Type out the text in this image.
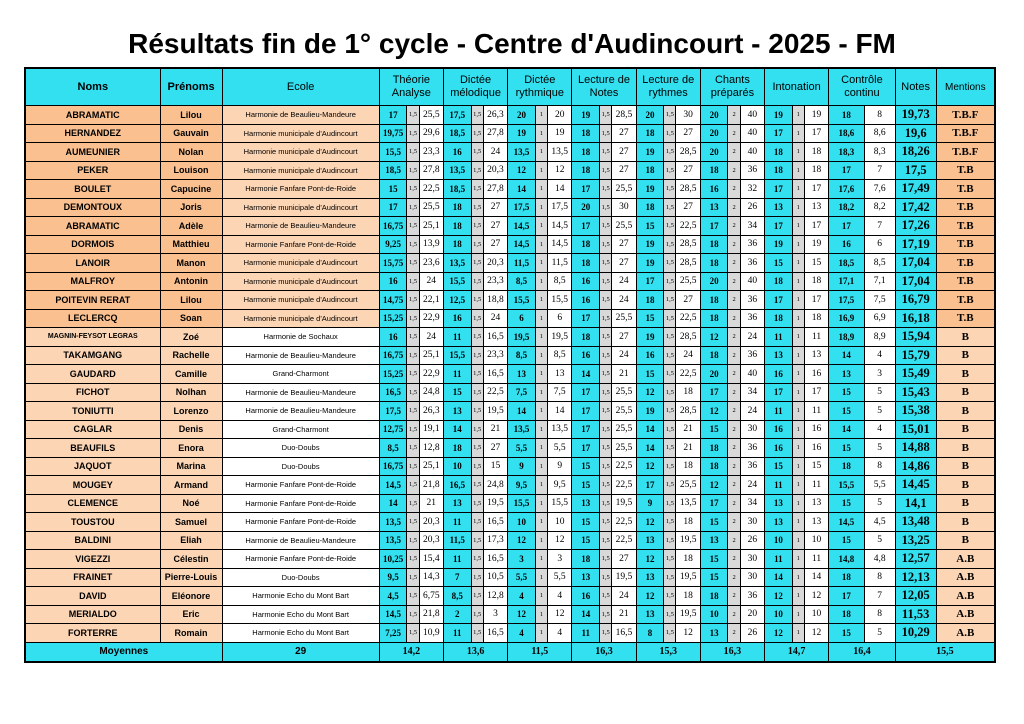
Résultats fin de 1° cycle - Centre d'Audincourt - 2025 - FM
Noms	Prénoms	Ecole	Théorie Analyse			Dictée mélodique			Dictée rythmique			Lecture de Notes			Lecture de rythmes			Chants préparés			Intonation			Contrôle continu		Notes	Mentions
ABRAMATIC	Lilou	Harmonie de Beaulieu-Mandeure	17	1,5	25,5	17,5	1,5	26,3	20	1	20	19	1,5	28,5	20	1,5	30	20	2	40	19	1	19	18	8	19,73	T.B.F
HERNANDEZ	Gauvain	Harmonie municipale d'Audincourt	19,75	1,5	29,6	18,5	1,5	27,8	19	1	19	18	1,5	27	18	1,5	27	20	2	40	17	1	17	18,6	8,6	19,6	T.B.F
AUMEUNIER	Nolan	Harmonie municipale d'Audincourt	15,5	1,5	23,3	16	1,5	24	13,5	1	13,5	18	1,5	27	19	1,5	28,5	20	2	40	18	1	18	18,3	8,3	18,26	T.B.F
PEKER	Louison	Harmonie municipale d'Audincourt	18,5	1,5	27,8	13,5	1,5	20,3	12	1	12	18	1,5	27	18	1,5	27	18	2	36	18	1	18	17	7	17,5	T.B
BOULET	Capucine	Harmonie Fanfare Pont-de-Roide	15	1,5	22,5	18,5	1,5	27,8	14	1	14	17	1,5	25,5	19	1,5	28,5	16	2	32	17	1	17	17,6	7,6	17,49	T.B
DEMONTOUX	Joris	Harmonie municipale d'Audincourt	17	1,5	25,5	18	1,5	27	17,5	1	17,5	20	1,5	30	18	1,5	27	13	2	26	13	1	13	18,2	8,2	17,42	T.B
ABRAMATIC	Adèle	Harmonie de Beaulieu-Mandeure	16,75	1,5	25,1	18	1,5	27	14,5	1	14,5	17	1,5	25,5	15	1,5	22,5	17	2	34	17	1	17	17	7	17,26	T.B
DORMOIS	Matthieu	Harmonie Fanfare Pont-de-Roide	9,25	1,5	13,9	18	1,5	27	14,5	1	14,5	18	1,5	27	19	1,5	28,5	18	2	36	19	1	19	16	6	17,19	T.B
LANOIR	Manon	Harmonie municipale d'Audincourt	15,75	1,5	23,6	13,5	1,5	20,3	11,5	1	11,5	18	1,5	27	19	1,5	28,5	18	2	36	15	1	15	18,5	8,5	17,04	T.B
MALFROY	Antonin	Harmonie municipale d'Audincourt	16	1,5	24	15,5	1,5	23,3	8,5	1	8,5	16	1,5	24	17	1,5	25,5	20	2	40	18	1	18	17,1	7,1	17,04	T.B
POITEVIN RERAT	Lilou	Harmonie municipale d'Audincourt	14,75	1,5	22,1	12,5	1,5	18,8	15,5	1	15,5	16	1,5	24	18	1,5	27	18	2	36	17	1	17	17,5	7,5	16,79	T.B
LECLERCQ	Soan	Harmonie municipale d'Audincourt	15,25	1,5	22,9	16	1,5	24	6	1	6	17	1,5	25,5	15	1,5	22,5	18	2	36	18	1	18	16,9	6,9	16,18	T.B
MAGNIN-FEYSOT LEGRAS	Zoé	Harmonie de Sochaux	16	1,5	24	11	1,5	16,5	19,5	1	19,5	18	1,5	27	19	1,5	28,5	12	2	24	11	1	11	18,9	8,9	15,94	B
TAKAMGANG	Rachelle	Harmonie de Beaulieu-Mandeure	16,75	1,5	25,1	15,5	1,5	23,3	8,5	1	8,5	16	1,5	24	16	1,5	24	18	2	36	13	1	13	14	4	15,79	B
GAUDARD	Camille	Grand-Charmont	15,25	1,5	22,9	11	1,5	16,5	13	1	13	14	1,5	21	15	1,5	22,5	20	2	40	16	1	16	13	3	15,49	B
FICHOT	Nolhan	Harmonie de Beaulieu-Mandeure	16,5	1,5	24,8	15	1,5	22,5	7,5	1	7,5	17	1,5	25,5	12	1,5	18	17	2	34	17	1	17	15	5	15,43	B
TONIUTTI	Lorenzo	Harmonie de Beaulieu-Mandeure	17,5	1,5	26,3	13	1,5	19,5	14	1	14	17	1,5	25,5	19	1,5	28,5	12	2	24	11	1	11	15	5	15,38	B
CAGLAR	Denis	Grand-Charmont	12,75	1,5	19,1	14	1,5	21	13,5	1	13,5	17	1,5	25,5	14	1,5	21	15	2	30	16	1	16	14	4	15,01	B
BEAUFILS	Enora	Duo-Doubs	8,5	1,5	12,8	18	1,5	27	5,5	1	5,5	17	1,5	25,5	14	1,5	21	18	2	36	16	1	16	15	5	14,88	B
JAQUOT	Marina	Duo-Doubs	16,75	1,5	25,1	10	1,5	15	9	1	9	15	1,5	22,5	12	1,5	18	18	2	36	15	1	15	18	8	14,86	B
MOUGEY	Armand	Harmonie Fanfare Pont-de-Roide	14,5	1,5	21,8	16,5	1,5	24,8	9,5	1	9,5	15	1,5	22,5	17	1,5	25,5	12	2	24	11	1	11	15,5	5,5	14,45	B
CLEMENCE	Noé	Harmonie Fanfare Pont-de-Roide	14	1,5	21	13	1,5	19,5	15,5	1	15,5	13	1,5	19,5	9	1,5	13,5	17	2	34	13	1	13	15	5	14,1	B
TOUSTOU	Samuel	Harmonie Fanfare Pont-de-Roide	13,5	1,5	20,3	11	1,5	16,5	10	1	10	15	1,5	22,5	12	1,5	18	15	2	30	13	1	13	14,5	4,5	13,48	B
BALDINI	Eliah	Harmonie de Beaulieu-Mandeure	13,5	1,5	20,3	11,5	1,5	17,3	12	1	12	15	1,5	22,5	13	1,5	19,5	13	2	26	10	1	10	15	5	13,25	B
VIGEZZI	Célestin	Harmonie Fanfare Pont-de-Roide	10,25	1,5	15,4	11	1,5	16,5	3	1	3	18	1,5	27	12	1,5	18	15	2	30	11	1	11	14,8	4,8	12,57	A.B
FRAINET	Pierre-Louis	Duo-Doubs	9,5	1,5	14,3	7	1,5	10,5	5,5	1	5,5	13	1,5	19,5	13	1,5	19,5	15	2	30	14	1	14	18	8	12,13	A.B
DAVID	Eléonore	Harmonie Echo du Mont Bart	4,5	1,5	6,75	8,5	1,5	12,8	4	1	4	16	1,5	24	12	1,5	18	18	2	36	12	1	12	17	7	12,05	A.B
MERIALDO	Eric	Harmonie Echo du Mont Bart	14,5	1,5	21,8	2	1,5	3	12	1	12	14	1,5	21	13	1,5	19,5	10	2	20	10	1	10	18	8	11,53	A.B
FORTERRE	Romain	Harmonie Echo du Mont Bart	7,25	1,5	10,9	11	1,5	16,5	4	1	4	11	1,5	16,5	8	1,5	12	13	2	26	12	1	12	15	5	10,29	A.B
Moyennes		29	14,2			13,6			11,5			16,3			15,3			16,3			14,7			16,4		15,5	
